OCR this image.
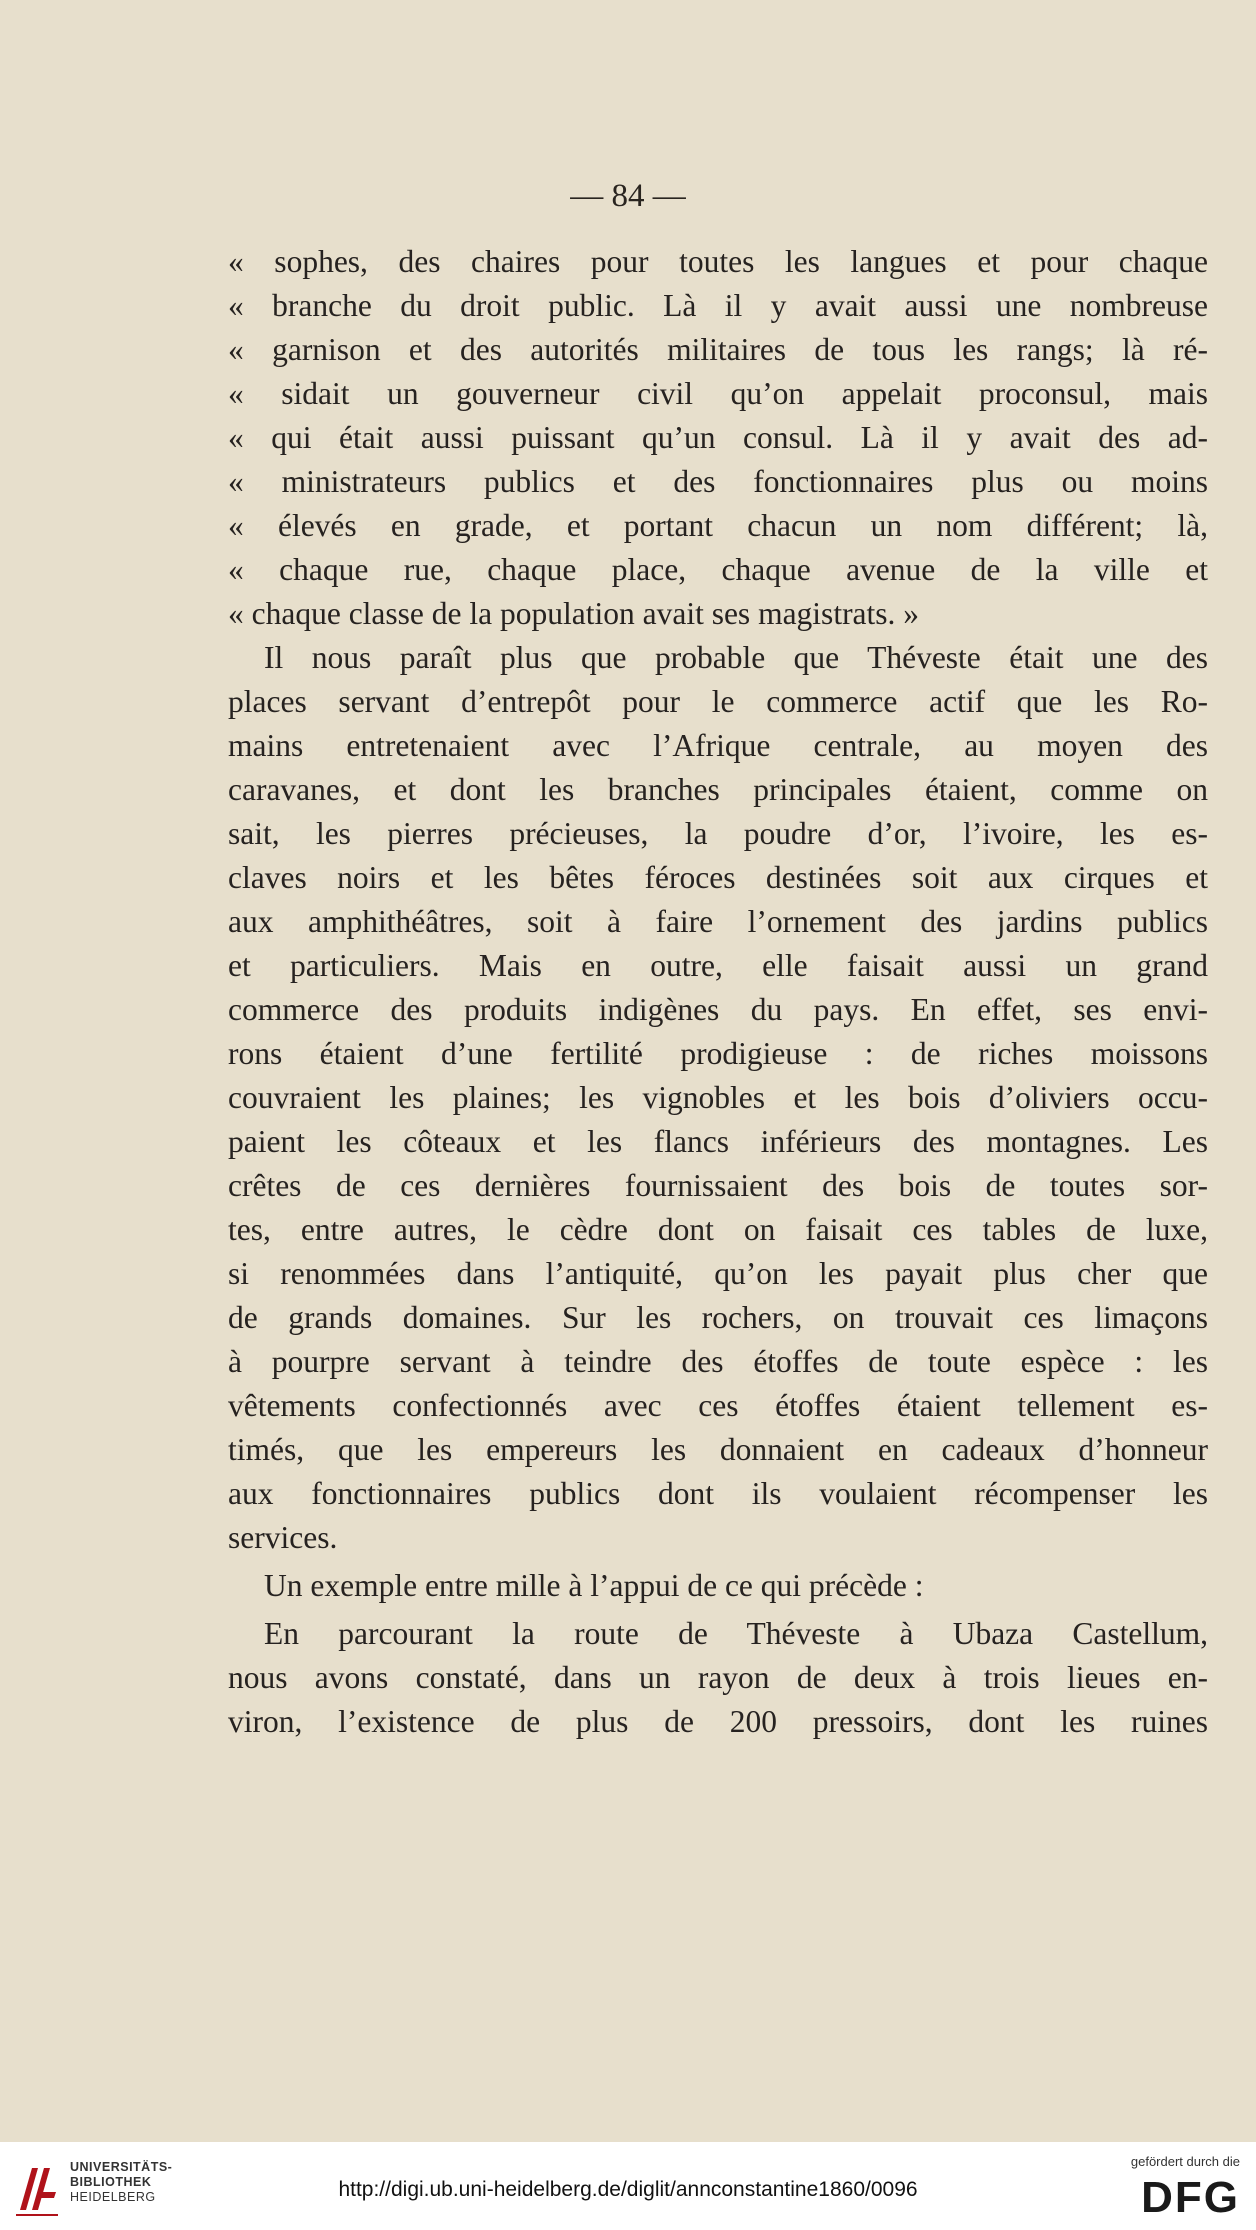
— 84 —
« sophes, des chaires pour toutes les langues et pour chaque
« branche du droit public. Là il y avait aussi une nombreuse
« garnison et des autorités militaires de tous les rangs; là ré-
« sidait un gouverneur civil qu’on appelait proconsul, mais
« qui était aussi puissant qu’un consul. Là il y avait des ad-
« ministrateurs publics et des fonctionnaires plus ou moins
« élevés en grade, et portant chacun un nom différent; là,
« chaque rue, chaque place, chaque avenue de la ville et
« chaque classe de la population avait ses magistrats. »
Il nous paraît plus que probable que Théveste était une des
places servant d’entrepôt pour le commerce actif que les Ro-
mains entretenaient avec l’Afrique centrale, au moyen des
caravanes, et dont les branches principales étaient, comme on
sait, les pierres précieuses, la poudre d’or, l’ivoire, les es-
claves noirs et les bêtes féroces destinées soit aux cirques et
aux amphithéâtres, soit à faire l’ornement des jardins publics
et particuliers. Mais en outre, elle faisait aussi un grand
commerce des produits indigènes du pays. En effet, ses envi-
rons étaient d’une fertilité prodigieuse : de riches moissons
couvraient les plaines; les vignobles et les bois d’oliviers occu-
paient les côteaux et les flancs inférieurs des montagnes. Les
crêtes de ces dernières fournissaient des bois de toutes sor-
tes, entre autres, le cèdre dont on faisait ces tables de luxe,
si renommées dans l’antiquité, qu’on les payait plus cher que
de grands domaines. Sur les rochers, on trouvait ces limaçons
à pourpre servant à teindre des étoffes de toute espèce : les
vêtements confectionnés avec ces étoffes étaient tellement es-
timés, que les empereurs les donnaient en cadeaux d’honneur
aux fonctionnaires publics dont ils voulaient récompenser les
services.
Un exemple entre mille à l’appui de ce qui précède :
En parcourant la route de Théveste à Ubaza Castellum,
nous avons constaté, dans un rayon de deux à trois lieues en-
viron, l’existence de plus de 200 pressoirs, dont les ruines
UNIVERSITÄTS-
BIBLIOTHEK
HEIDELBERG	http://digi.ub.uni-heidelberg.de/diglit/annconstantine1860/0096
gefördert durch die
DFG
